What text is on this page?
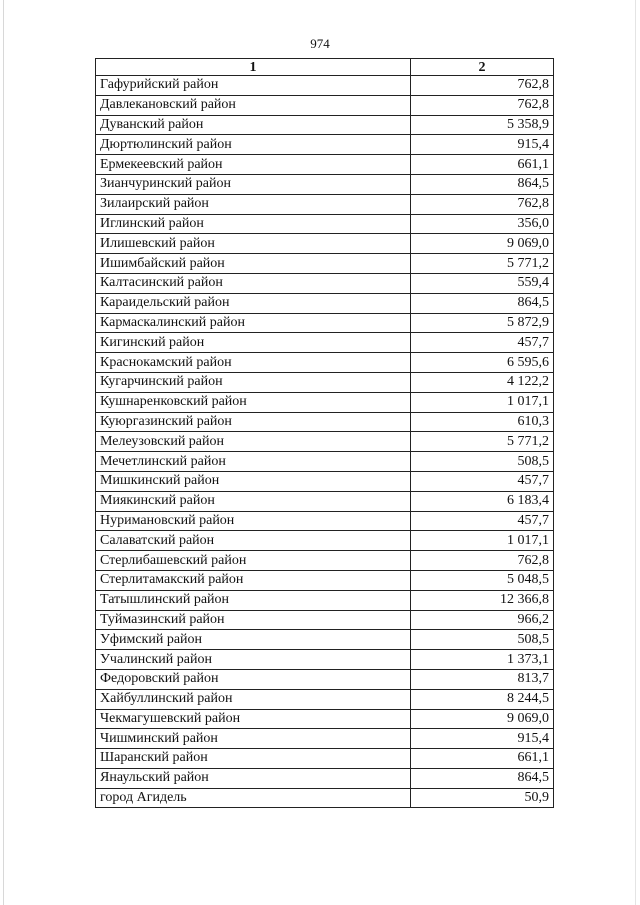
974
1	2
Гафурийский район	762,8
Давлекановский район	762,8
Дуванский район	5 358,9
Дюртюлинский район	915,4
Ермекеевский район	661,1
Зианчуринский район	864,5
Зилаирский район	762,8
Иглинский район	356,0
Илишевский район	9 069,0
Ишимбайский район	5 771,2
Калтасинский район	559,4
Караидельский район	864,5
Кармаскалинский район	5 872,9
Кигинский район	457,7
Краснокамский район	6 595,6
Кугарчинский район	4 122,2
Кушнаренковский район	1 017,1
Куюргазинский район	610,3
Мелеузовский район	5 771,2
Мечетлинский район	508,5
Мишкинский район	457,7
Миякинский район	6 183,4
Нуримановский район	457,7
Салаватский район	1 017,1
Стерлибашевский район	762,8
Стерлитамакский район	5 048,5
Татышлинский район	12 366,8
Туймазинский район	966,2
Уфимский район	508,5
Учалинский район	1 373,1
Федоровский район	813,7
Хайбуллинский район	8 244,5
Чекмагушевский район	9 069,0
Чишминский район	915,4
Шаранский район	661,1
Янаульский район	864,5
город Агидель	50,9
